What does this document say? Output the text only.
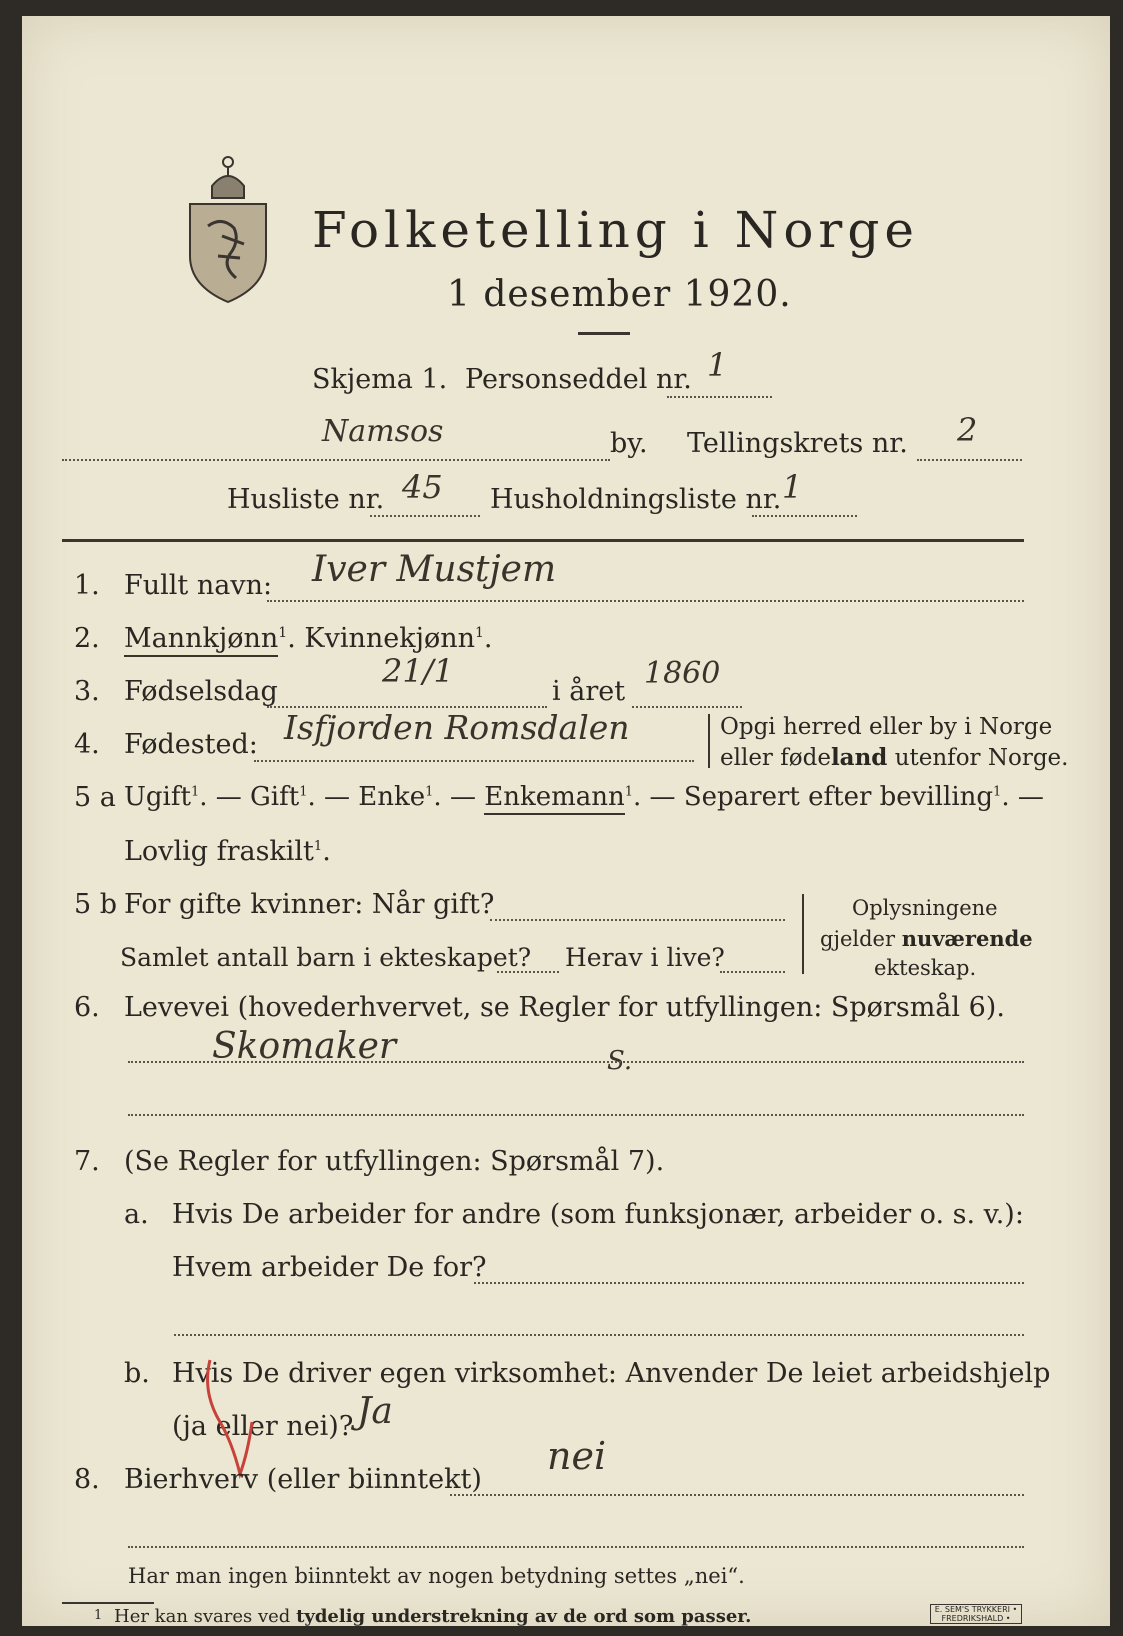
Folketelling i Norge
1 desember 1920.
Skjema 1. Personseddel nr. 1
Namsos	by. Tellingskrets nr. 2
Husliste nr. 45 Husholdningsliste nr. 1
1. Fullt navn: Iver Mustjem
2. Mannkjønn$^1$. Kvinnekjønn$^1$.
3. Fødselsdag
21/1
i året
1860
4. Fødested: Isfjorden Romsdalen	Opgi herred eller by i Norge
eller fødeland utenfor Norge.
5 a Ugift$^1$. — Gift$^1$. — Enke$^1$. — Enkemann$^1$. — Separert efter bevilling$^1$. —
Lovlig fraskilt$^1$.
5 b For gifte kvinner: Når gift?
Samlet antall barn i ekteskapet? Herav i live?
Oplysningene
gjelder nuværende
ekteskap.
6. Levevei (hovederhvervet, se Regler for utfyllingen: Spørsmål 6).
Skomaker	S.
7. (Se Regler for utfyllingen: Spørsmål 7).
a. Hvis De arbeider for andre (som funksjonær, arbeider o. s. v.):
Hvem arbeider De for?
b. Hvis De driver egen virksomhet: Anvender De leiet arbeidshjelp
(ja eller nei)? Ja
8. Bierhverv (eller biinntekt)
nei
Har man ingen biinntekt av nogen betydning settes „nei“.
1 Her kan svares ved tydelig understrekning av de ord som passer.	E. SEM'S TRYKKERI • FREDRIKSHALD •
